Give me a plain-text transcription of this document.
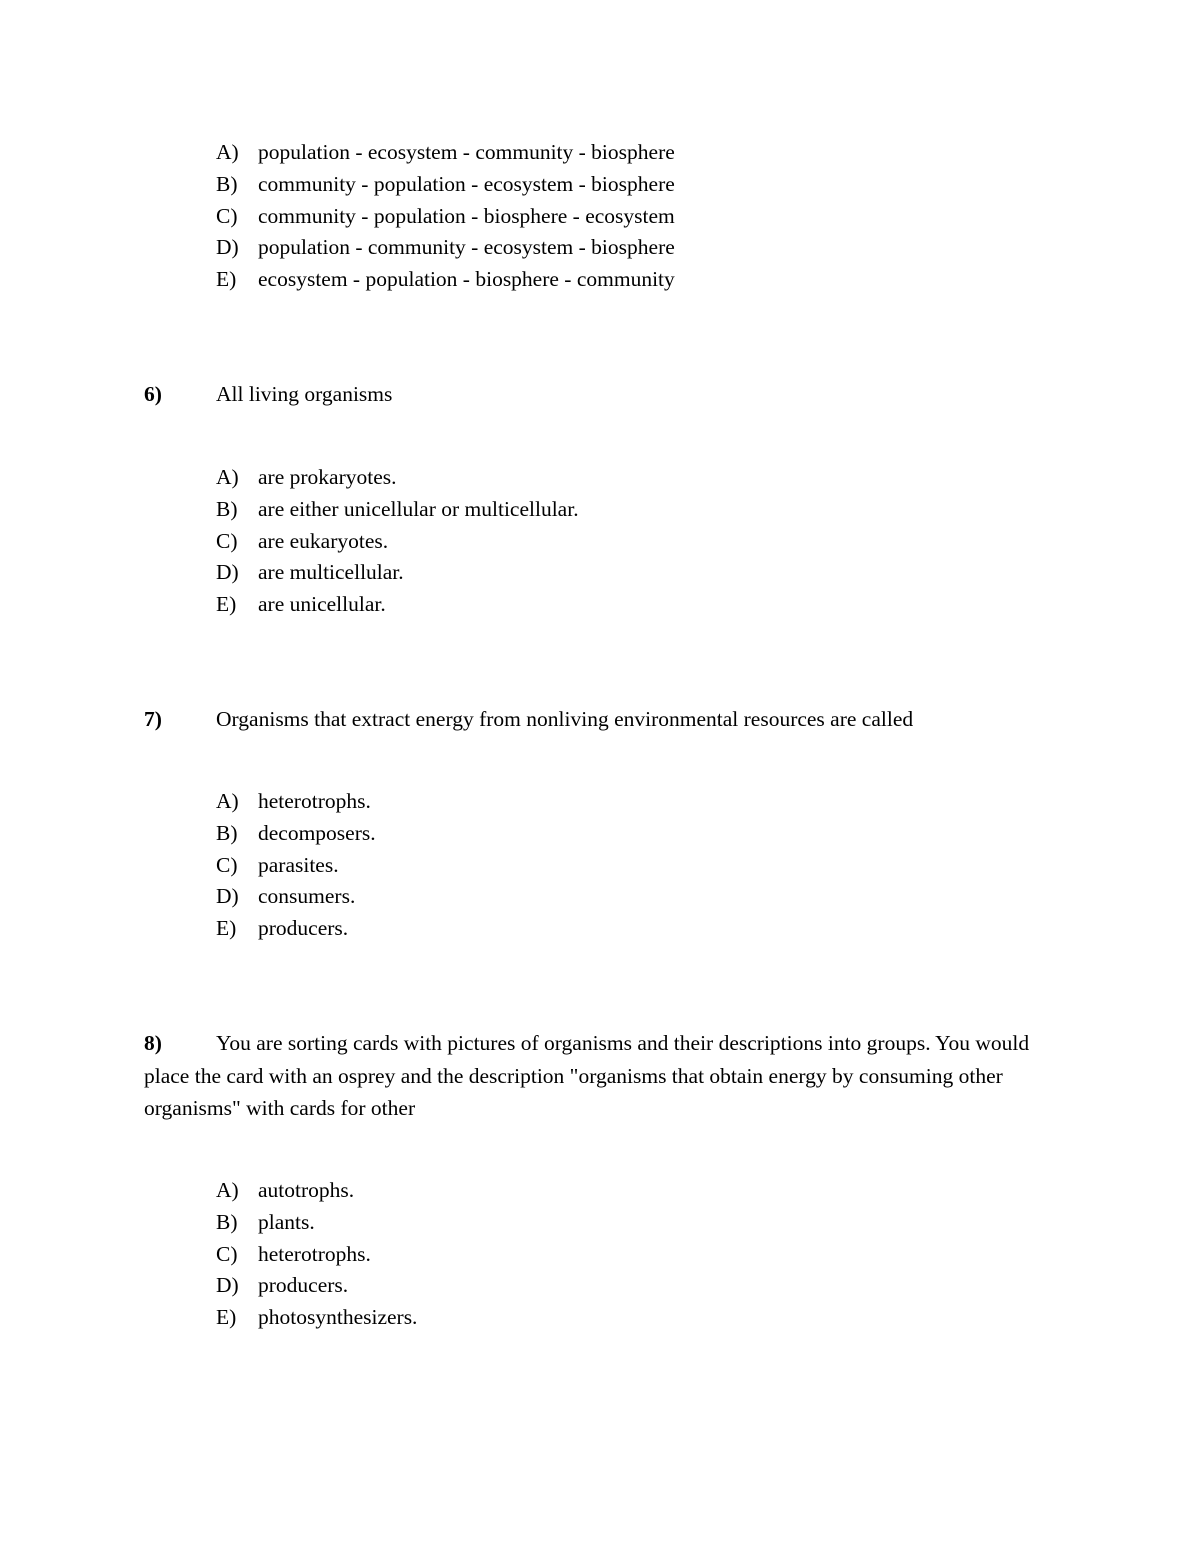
A) population - ecosystem - community - biosphere
B) community - population - ecosystem - biosphere
C) community - population - biosphere - ecosystem
D) population - community - ecosystem - biosphere
E) ecosystem - population - biosphere - community
6)	All living organisms
A) are prokaryotes.
B) are either unicellular or multicellular.
C) are eukaryotes.
D) are multicellular.
E) are unicellular.
7)	Organisms that extract energy from nonliving environmental resources are called
A) heterotrophs.
B) decomposers.
C) parasites.
D) consumers.
E) producers.
8)	You are sorting cards with pictures of organisms and their descriptions into groups. You would place the card with an osprey and the description "organisms that obtain energy by consuming other organisms" with cards for other
A) autotrophs.
B) plants.
C) heterotrophs.
D) producers.
E) photosynthesizers.
